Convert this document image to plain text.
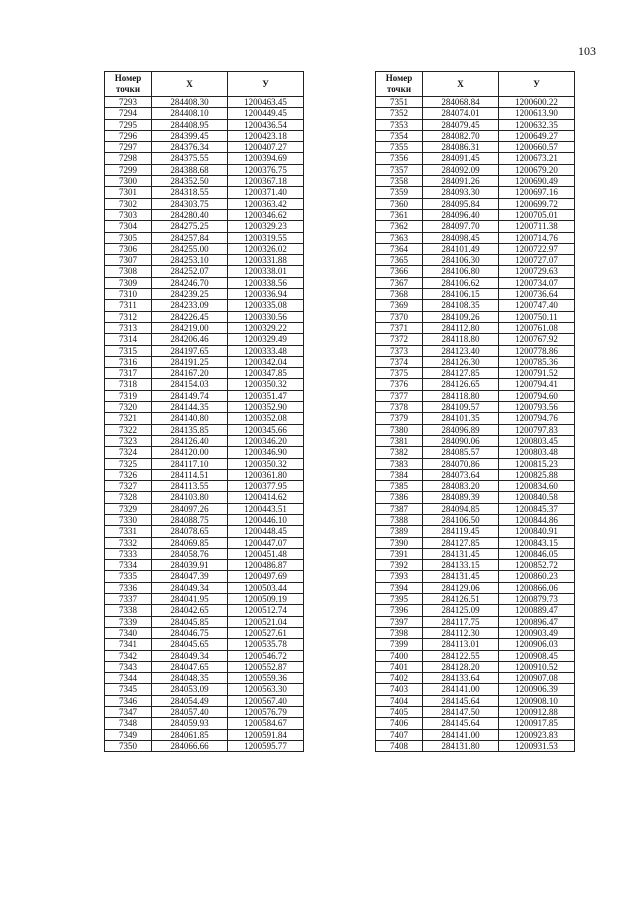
103
Номер точки	X	У
7293	284408.30	1200463.45
7294	284408.10	1200449.45
7295	284408.95	1200436.54
7296	284399.45	1200423.18
7297	284376.34	1200407.27
7298	284375.55	1200394.69
7299	284388.68	1200376.75
7300	284352.50	1200367.18
7301	284318.55	1200371.40
7302	284303.75	1200363.42
7303	284280.40	1200346.62
7304	284275.25	1200329.23
7305	284257.84	1200319.55
7306	284255.00	1200326.02
7307	284253.10	1200331.88
7308	284252.07	1200338.01
7309	284246.70	1200338.56
7310	284239.25	1200336.94
7311	284233.09	1200335.08
7312	284226.45	1200330.56
7313	284219.00	1200329.22
7314	284206.46	1200329.49
7315	284197.65	1200333.48
7316	284191.25	1200342.04
7317	284167.20	1200347.85
7318	284154.03	1200350.32
7319	284149.74	1200351.47
7320	284144.35	1200352.90
7321	284140.80	1200352.08
7322	284135.85	1200345.66
7323	284126.40	1200346.20
7324	284120.00	1200346.90
7325	284117.10	1200350.32
7326	284114.51	1200361.80
7327	284113.55	1200377.95
7328	284103.80	1200414.62
7329	284097.26	1200443.51
7330	284088.75	1200446.10
7331	284078.65	1200448.45
7332	284069.85	1200447.07
7333	284058.76	1200451.48
7334	284039.91	1200486.87
7335	284047.39	1200497.69
7336	284049.34	1200503.44
7337	284041.95	1200509.19
7338	284042.65	1200512.74
7339	284045.85	1200521.04
7340	284046.75	1200527.61
7341	284045.65	1200535.78
7342	284049.34	1200546.72
7343	284047.65	1200552.87
7344	284048.35	1200559.36
7345	284053.09	1200563.30
7346	284054.49	1200567.40
7347	284057.40	1200576.79
7348	284059.93	1200584.67
7349	284061.85	1200591.84
7350	284066.66	1200595.77
Номер точки	X	У
7351	284068.84	1200600.22
7352	284074.01	1200613.90
7353	284079.45	1200632.35
7354	284082.70	1200649.27
7355	284086.31	1200660.57
7356	284091.45	1200673.21
7357	284092.09	1200679.20
7358	284091.26	1200690.49
7359	284093.30	1200697.16
7360	284095.84	1200699.72
7361	284096.40	1200705.01
7362	284097.70	1200711.38
7363	284098.45	1200714.76
7364	284101.49	1200722.97
7365	284106.30	1200727.07
7366	284106.80	1200729.63
7367	284106.62	1200734.07
7368	284106.15	1200736.64
7369	284108.35	1200747.40
7370	284109.26	1200750.11
7371	284112.80	1200761.08
7372	284118.80	1200767.92
7373	284123.40	1200778.86
7374	284126.30	1200785.36
7375	284127.85	1200791.52
7376	284126.65	1200794.41
7377	284118.80	1200794.60
7378	284109.57	1200793.56
7379	284101.35	1200794.76
7380	284096.89	1200797.83
7381	284090.06	1200803.45
7382	284085.57	1200803.48
7383	284070.86	1200815.23
7384	284073.64	1200825.88
7385	284083.20	1200834.60
7386	284089.39	1200840.58
7387	284094.85	1200845.37
7388	284106.50	1200844.86
7389	284119.45	1200840.91
7390	284127.85	1200843.15
7391	284131.45	1200846.05
7392	284133.15	1200852.72
7393	284131.45	1200860.23
7394	284129.06	1200866.06
7395	284126.51	1200879.73
7396	284125.09	1200889.47
7397	284117.75	1200896.47
7398	284112.30	1200903.49
7399	284113.01	1200906.03
7400	284122.55	1200908.45
7401	284128.20	1200910.52
7402	284133.64	1200907.08
7403	284141.00	1200906.39
7404	284145.64	1200908.10
7405	284147.50	1200912.88
7406	284145.64	1200917.85
7407	284141.00	1200923.83
7408	284131.80	1200931.53
